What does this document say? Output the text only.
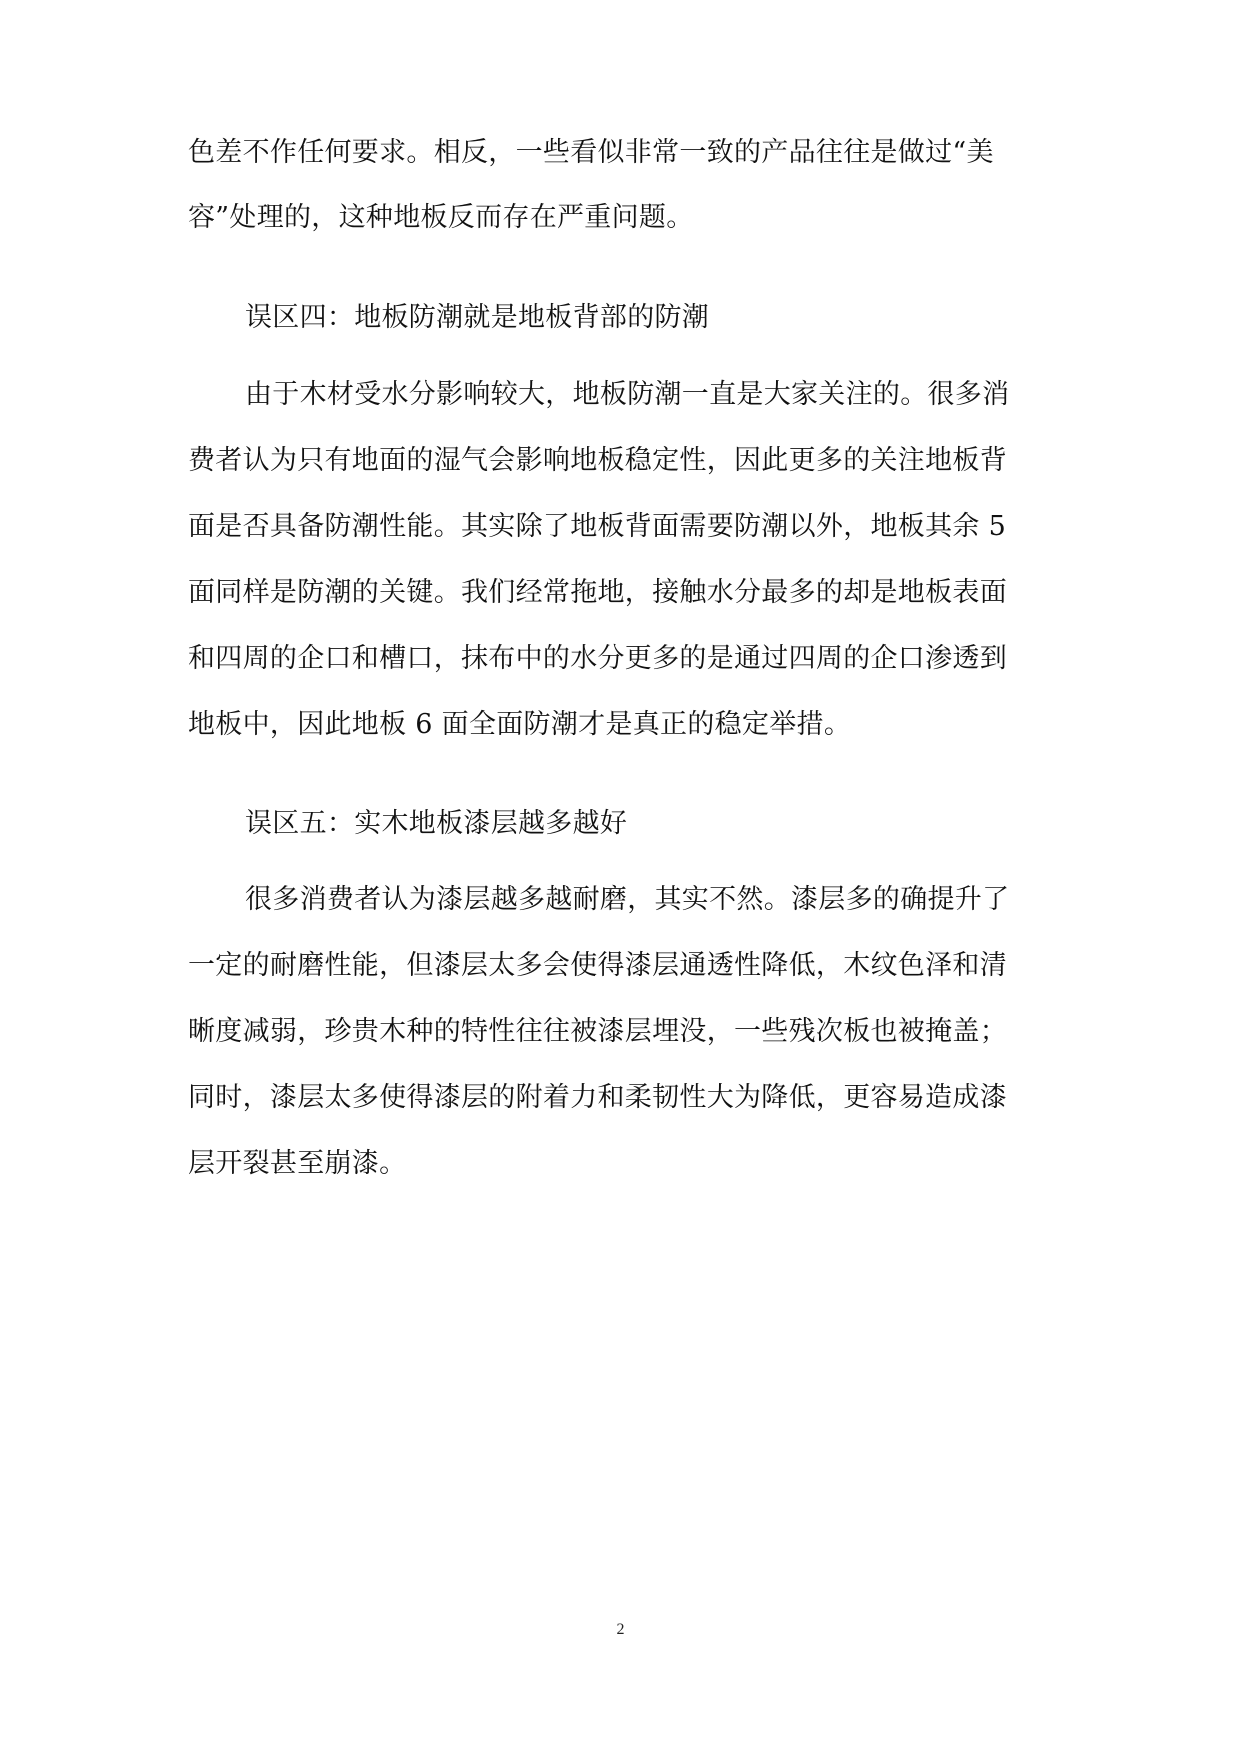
色差不作任何要求。相反，一些看似非常一致的产品往往是做过“美
容”处理的，这种地板反而存在严重问题。
误区四：地板防潮就是地板背部的防潮
由于木材受水分影响较大，地板防潮一直是大家关注的。很多消
费者认为只有地面的湿气会影响地板稳定性，因此更多的关注地板背
面是否具备防潮性能。其实除了地板背面需要防潮以外，地板其余 5
面同样是防潮的关键。我们经常拖地，接触水分最多的却是地板表面
和四周的企口和槽口，抹布中的水分更多的是通过四周的企口渗透到
地板中，因此地板 6 面全面防潮才是真正的稳定举措。
误区五：实木地板漆层越多越好
很多消费者认为漆层越多越耐磨，其实不然。漆层多的确提升了
一定的耐磨性能，但漆层太多会使得漆层通透性降低，木纹色泽和清
晰度减弱，珍贵木种的特性往往被漆层埋没，一些残次板也被掩盖；
同时，漆层太多使得漆层的附着力和柔韧性大为降低，更容易造成漆
层开裂甚至崩漆。
2
